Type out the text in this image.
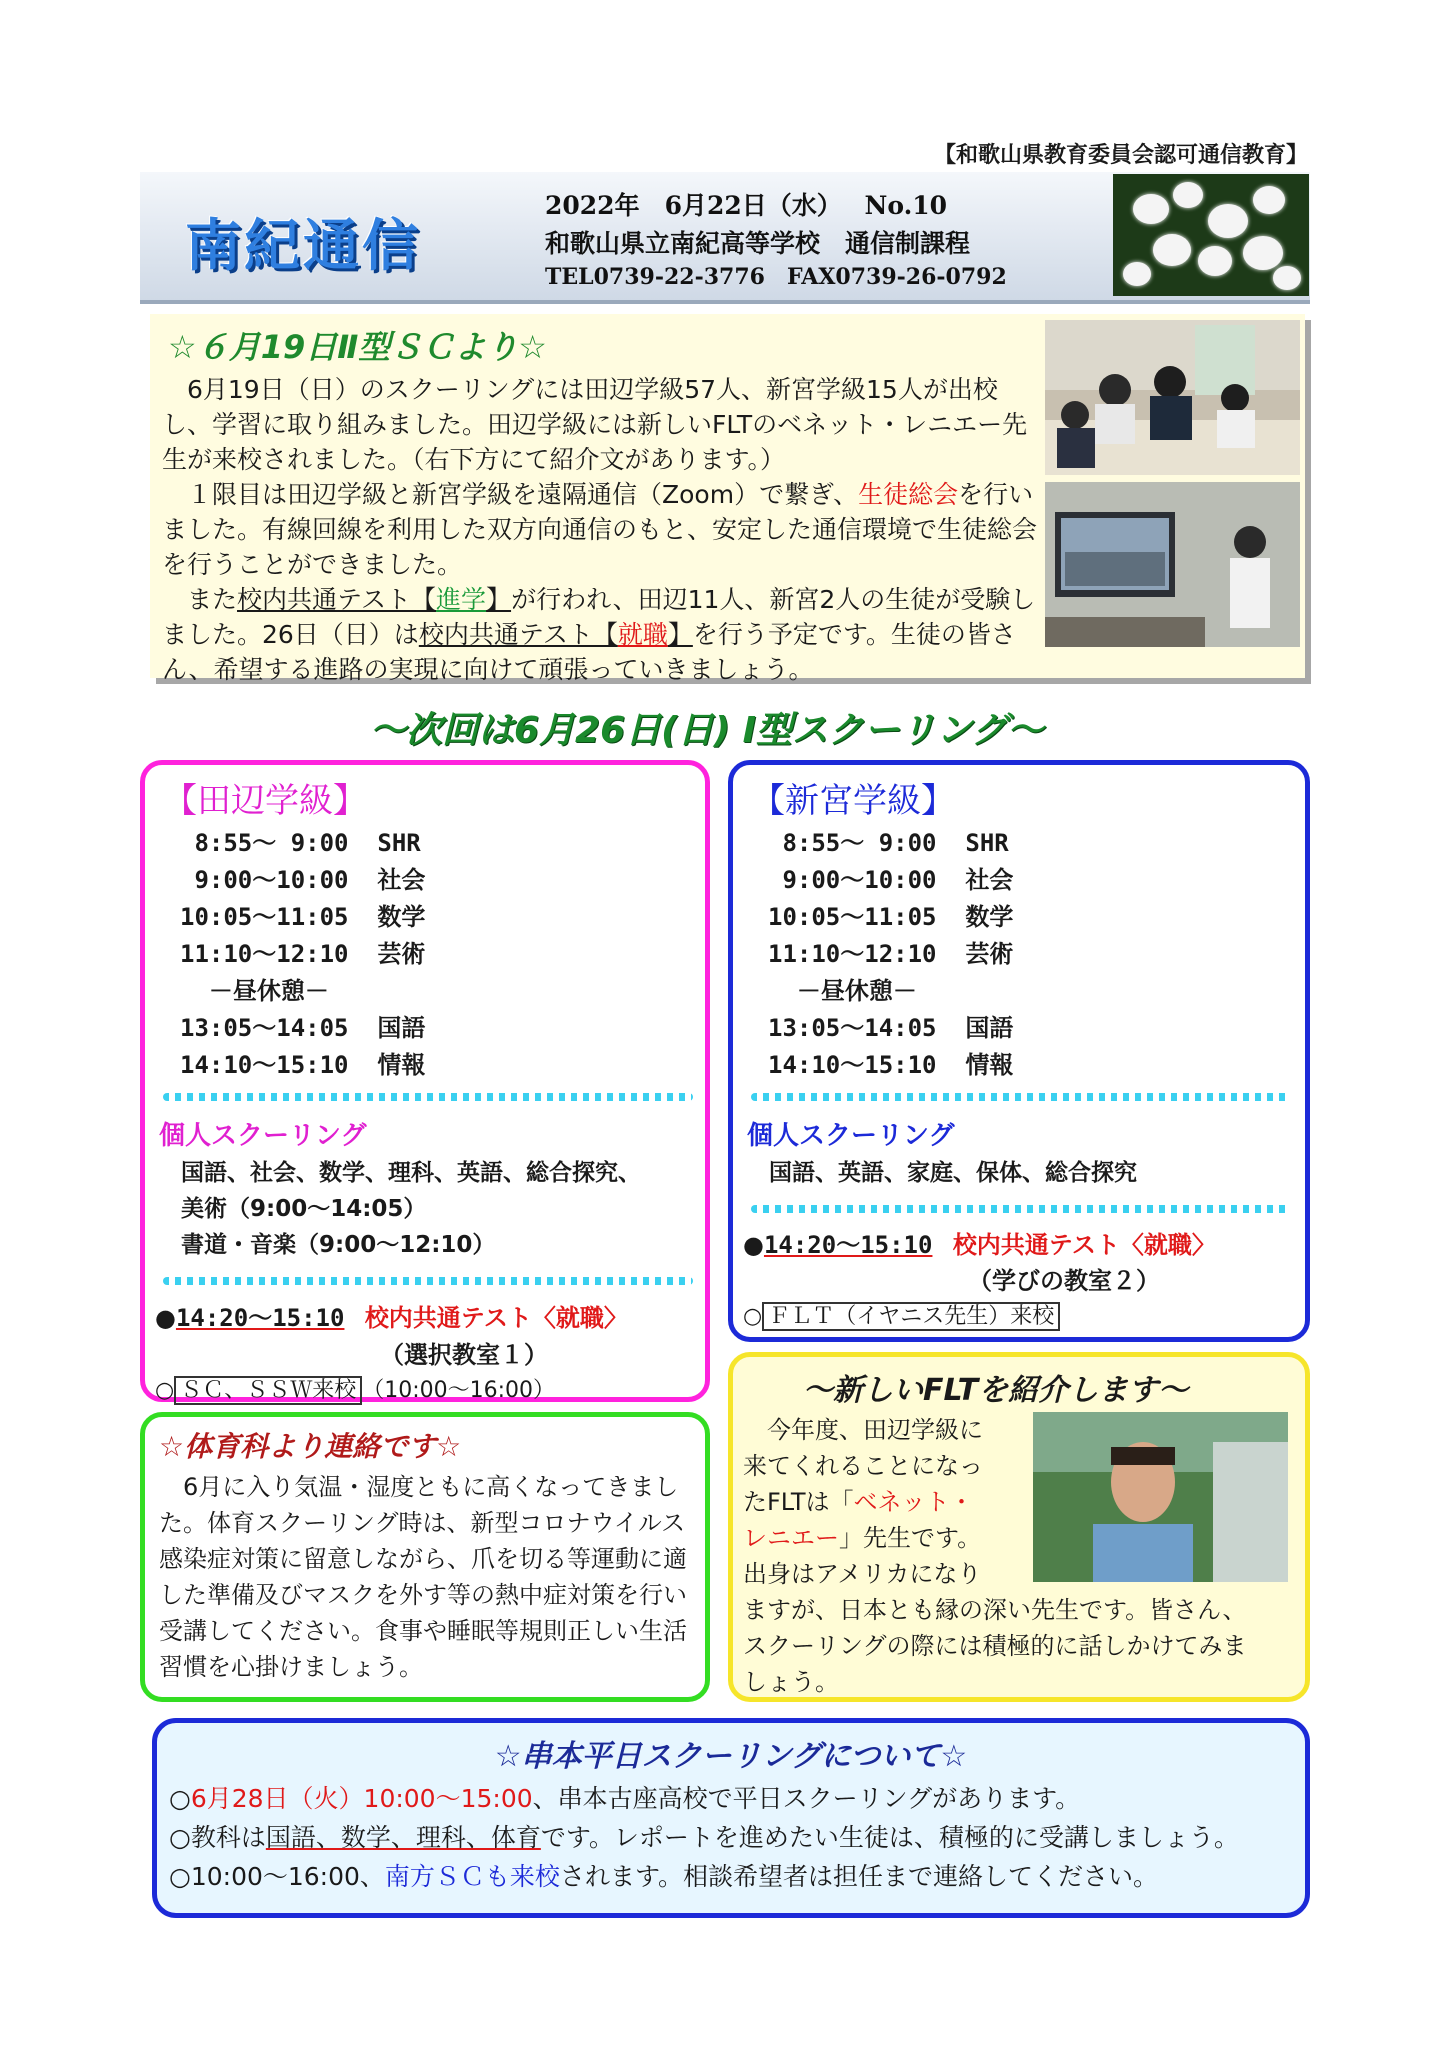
【和歌山県教育委員会認可通信教育】
南紀通信
2022年　6月22日（水） No.10
和歌山県立南紀高等学校　通信制課程
TEL0739-22-3776　FAX0739-26-0792
☆６月19日Ⅱ型ＳＣより☆

6月19日（日）のスクーリングには田辺学級57人、新宮学級15人が出校し、学習に取り組みました。田辺学級には新しいFLTのベネット・レニエー先生が来校されました。（右下方にて紹介文があります。）

１限目は田辺学級と新宮学級を遠隔通信（Zoom）で繋ぎ、生徒総会を行いました。有線回線を利用した双方向通信のもと、安定した通信環境で生徒総会を行うことができました。

また校内共通テスト【進学】が行われ、田辺11人、新宮2人の生徒が受験しました。26日（日）は校内共通テスト【就職】を行う予定です。生徒の皆さん、希望する進路の実現に向けて頑張っていきましょう。

～次回は6月26日(日) Ⅰ型スクーリング～
【田辺学級】
8:55～ 9:00 SHR
9:00～10:00 社会
10:05～11:05 数学
11:10～12:10 芸術
－昼休憩－
13:05～14:05 国語
14:10～15:10 情報
個人スクーリング
国語、社会、数学、理科、英語、総合探究、
美術（9:00～14:05）
書道・音楽（9:00～12:10）
●14:20～15:10 校内共通テスト〈就職〉
（選択教室１）
○ ＳＣ、ＳＳＷ来校 （10:00～16:00）
【新宮学級】
8:55～ 9:00 SHR
9:00～10:00 社会
10:05～11:05 数学
11:10～12:10 芸術
－昼休憩－
13:05～14:05 国語
14:10～15:10 情報
個人スクーリング
国語、英語、家庭、保体、総合探究
●14:20～15:10 校内共通テスト〈就職〉
（学びの教室２）
○ ＦＬＴ（イヤニス先生）来校
☆体育科より連絡です☆
6月に入り気温・湿度ともに高くなってきました。体育スクーリング時は、新型コロナウイルス感染症対策に留意しながら、爪を切る等運動に適した準備及びマスクを外す等の熱中症対策を行い受講してください。食事や睡眠等規則正しい生活習慣を心掛けましょう。
～新しいFLTを紹介します～
今年度、田辺学級に
来てくれることになっ
たFLTは「ベネット・
レニエー」先生です。
出身はアメリカになり
ますが、日本とも縁の深い先生です。皆さん、
スクーリングの際には積極的に話しかけてみま
しょう。
☆串本平日スクーリングについて☆
○6月28日（火）10:00～15:00、串本古座高校で平日スクーリングがあります。
○教科は国語、数学、理科、体育です。レポートを進めたい生徒は、積極的に受講しましょう。
○10:00～16:00、南方ＳＣも来校されます。相談希望者は担任まで連絡してください。
